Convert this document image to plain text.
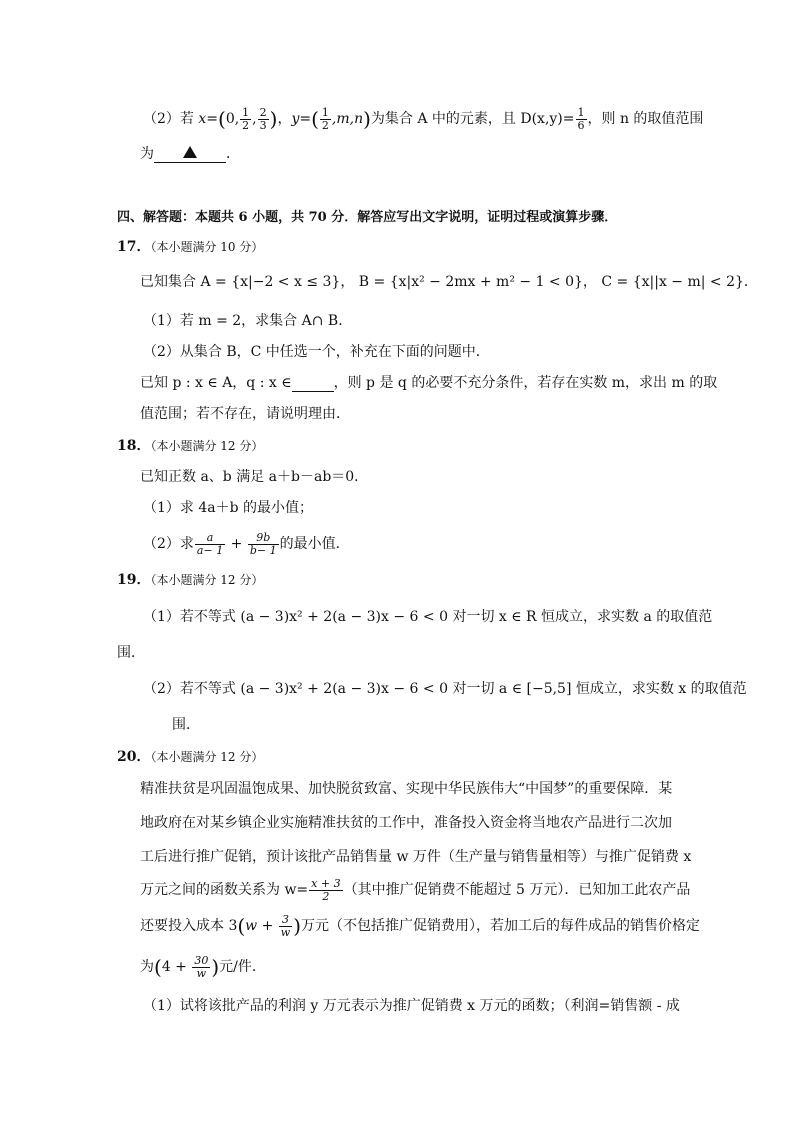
（2）若 x=(0, $\frac{1}{2}$ , $\frac{2}{3}$ )，$y=( \frac{1}{2} ,m,n)$为集合 A 中的元素，且 $D(x,y)= \frac{1}{6}$ ，则 n 的取值范围
为	．
四、解答题：本题共 6 小题，共 70 分．解答应写出文字说明，证明过程或演算步骤．
17．（本小题满分 10 分）
已知集合 A = {x|−2 < x ≤ 3}， B = {x|x² − 2mx + m² − 1 < 0}， C = {x||x − m| < 2}．
（1）若 m = 2，求集合 A∩ B．
（2）从集合 B，C 中任选一个，补充在下面的问题中．
已知 p : x ∈ A，q : x ∈	，则 p 是 q 的必要不充分条件，若存在实数 m，求出 m 的取
值范围；若不存在，请说明理由．
18．（本小题满分 12 分）
已知正数 a、b 满足 a＋b－ab＝0．
（1）求 4a＋b 的最小值；
（2）求 $\frac{a}{a- 1} + \frac{9b}{b- 1}$ 的最小值．
19．（本小题满分 12 分）
（1）若不等式 (a − 3)x² + 2(a − 3)x − 6 < 0 对一切 x ∈ R 恒成立，求实数 a 的取值范
围．
（2）若不等式 (a − 3)x² + 2(a − 3)x − 6 < 0 对一切 a ∈ [−5,5] 恒成立，求实数 x 的取值范
围．
20．（本小题满分 12 分）
精准扶贫是巩固温饱成果、加快脱贫致富、实现中华民族伟大“中国梦”的重要保障．某
地政府在对某乡镇企业实施精准扶贫的工作中，准备投入资金将当地农产品进行二次加
工后进行推广促销，预计该批产品销售量 w 万件（生产量与销售量相等）与推广促销费 x
万元之间的函数关系为 $w= \frac{x + 3}{2}$ （其中推广促销费不能超过 5 万元）．已知加工此农产品
还要投入成本 $3(w + \frac{3}{w}$ )万元（不包括推广促销费用），若加工后的每件成品的销售价格定
为($4 + \frac{30}{w}$ )元/件．
（1）试将该批产品的利润 y 万元表示为推广促销费 x 万元的函数；（利润=销售额 - 成
